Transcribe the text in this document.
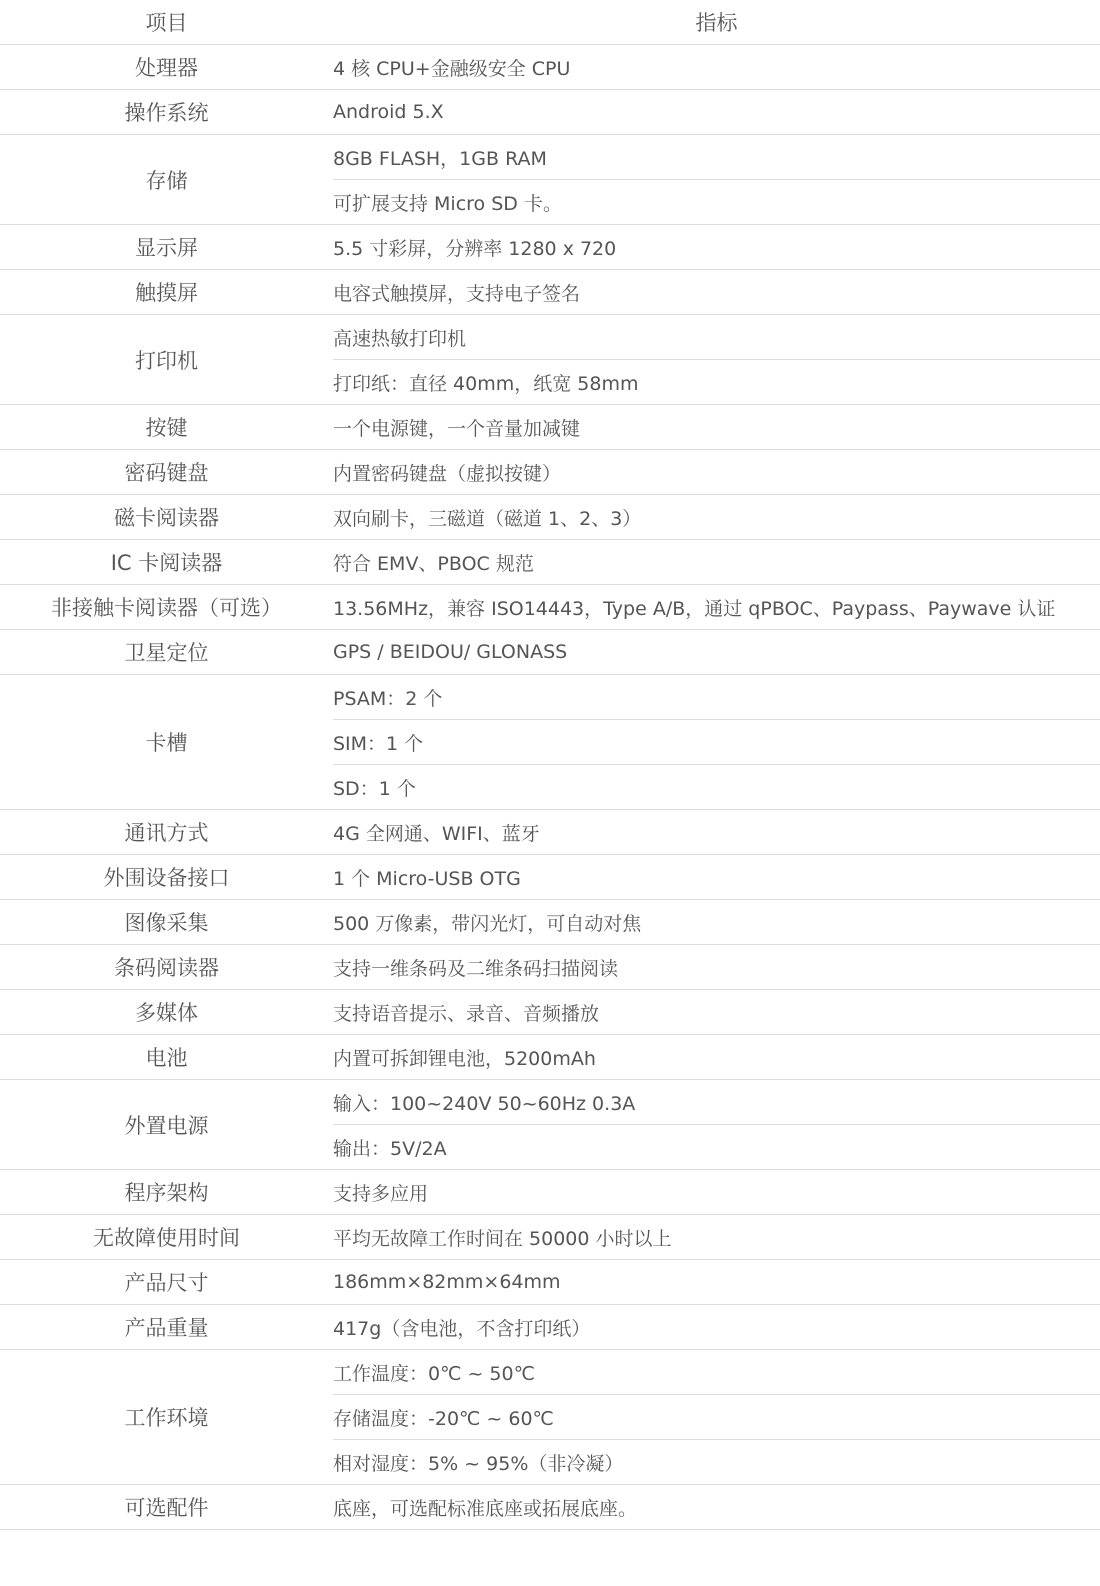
项目	指标
处理器	4 核 CPU+金融级安全 CPU
操作系统	Android 5.X
存储	8GB FLASH，1GB RAM
	可扩展支持 Micro SD 卡。
显示屏	5.5 寸彩屏，分辨率 1280 x 720
触摸屏	电容式触摸屏，支持电子签名
打印机	高速热敏打印机
	打印纸：直径 40mm，纸宽 58mm
按键	一个电源键，一个音量加减键
密码键盘	内置密码键盘（虚拟按键）
磁卡阅读器	双向刷卡，三磁道（磁道 1、2、3）
IC 卡阅读器	符合 EMV、PBOC 规范
非接触卡阅读器（可选）	13.56MHz，兼容 ISO14443，Type A/B，通过 qPBOC、Paypass、Paywave 认证
卫星定位	GPS / BEIDOU/ GLONASS
卡槽	PSAM：2 个
	SIM：1 个
	SD：1 个
通讯方式	4G 全网通、WIFI、蓝牙
外围设备接口	1 个 Micro-USB OTG
图像采集	500 万像素，带闪光灯，可自动对焦
条码阅读器	支持一维条码及二维条码扫描阅读
多媒体	支持语音提示、录音、音频播放
电池	内置可拆卸锂电池，5200mAh
外置电源	输入：100~240V 50~60Hz 0.3A
	输出：5V/2A
程序架构	支持多应用
无故障使用时间	平均无故障工作时间在 50000 小时以上
产品尺寸	186mm×82mm×64mm
产品重量	417g（含电池，不含打印纸）
工作环境	工作温度：0℃ ~ 50℃
	存储温度：-20℃ ~ 60℃
	相对湿度：5% ~ 95%（非冷凝）
可选配件	底座，可选配标准底座或拓展底座。
